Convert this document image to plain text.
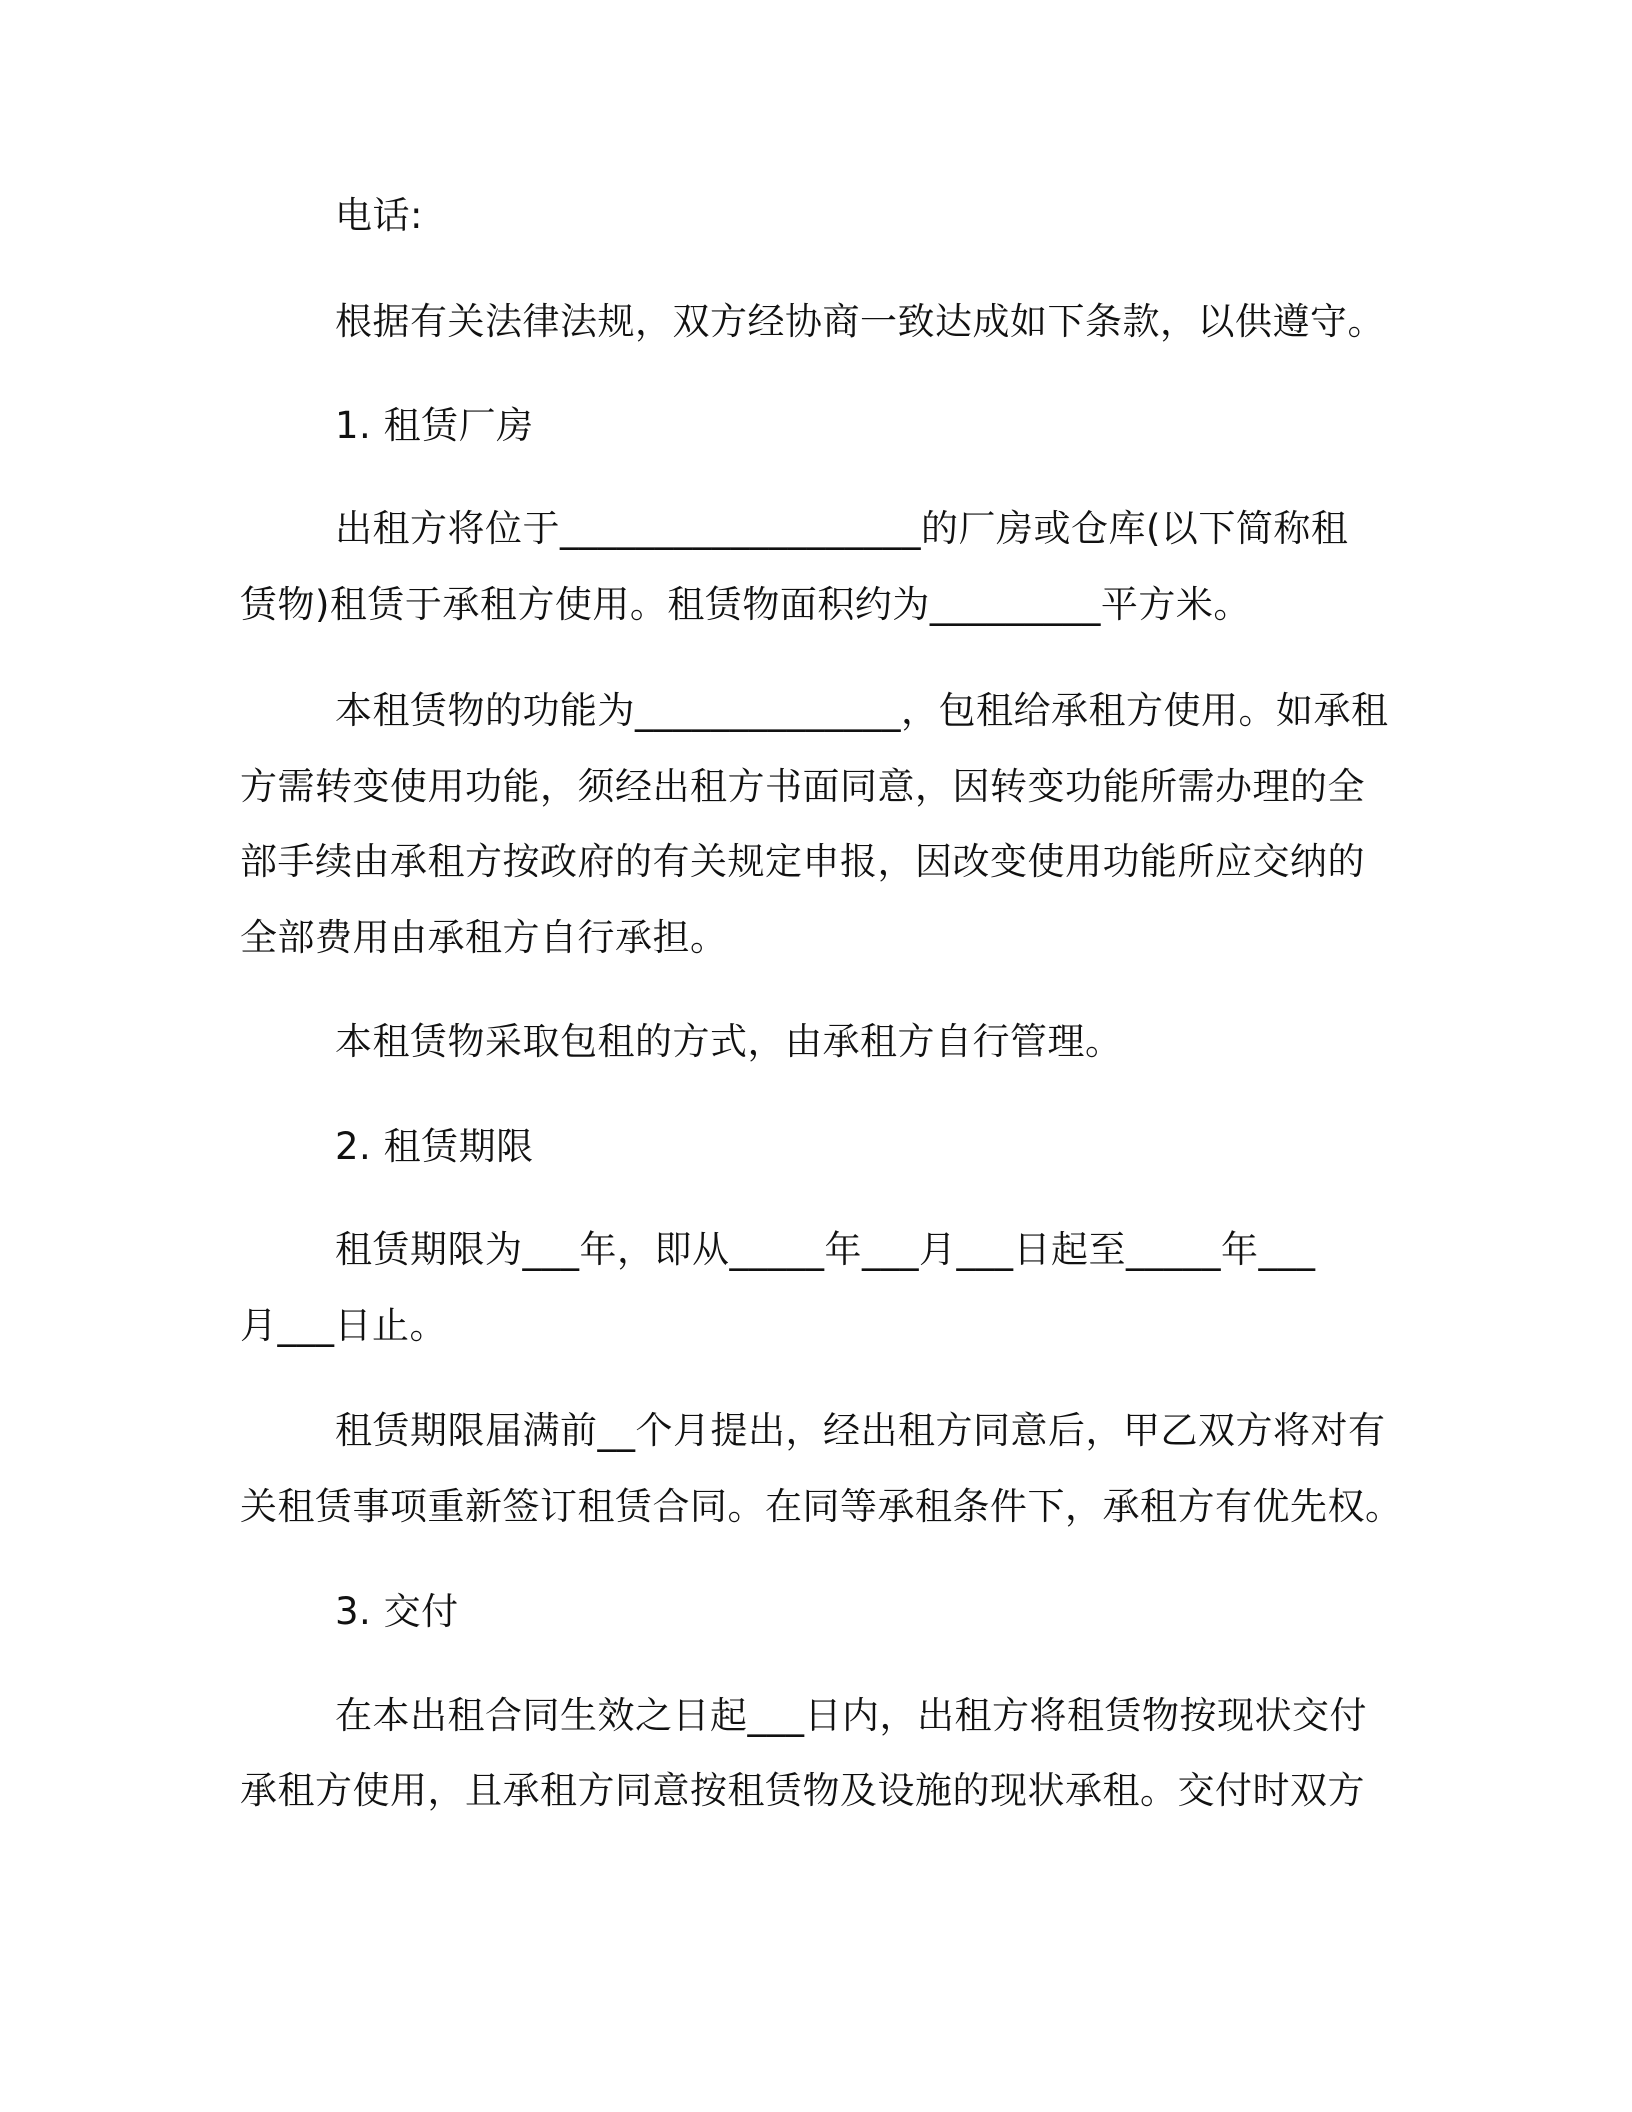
电话:
根据有关法律法规，双方经协商一致达成如下条款，以供遵守。
1. 租赁厂房
出租方将位于___________________的厂房或仓库(以下简称租
赁物)租赁于承租方使用。租赁物面积约为_________平方米。
本租赁物的功能为______________，包租给承租方使用。如承租
方需转变使用功能，须经出租方书面同意，因转变功能所需办理的全
部手续由承租方按政府的有关规定申报，因改变使用功能所应交纳的
全部费用由承租方自行承担。
本租赁物采取包租的方式，由承租方自行管理。
2. 租赁期限
租赁期限为___年，即从_____年___月___日起至_____年___
月___日止。
租赁期限届满前__个月提出，经出租方同意后，甲乙双方将对有
关租赁事项重新签订租赁合同。在同等承租条件下，承租方有优先权。
3. 交付
在本出租合同生效之日起___日内，出租方将租赁物按现状交付
承租方使用，且承租方同意按租赁物及设施的现状承租。交付时双方
